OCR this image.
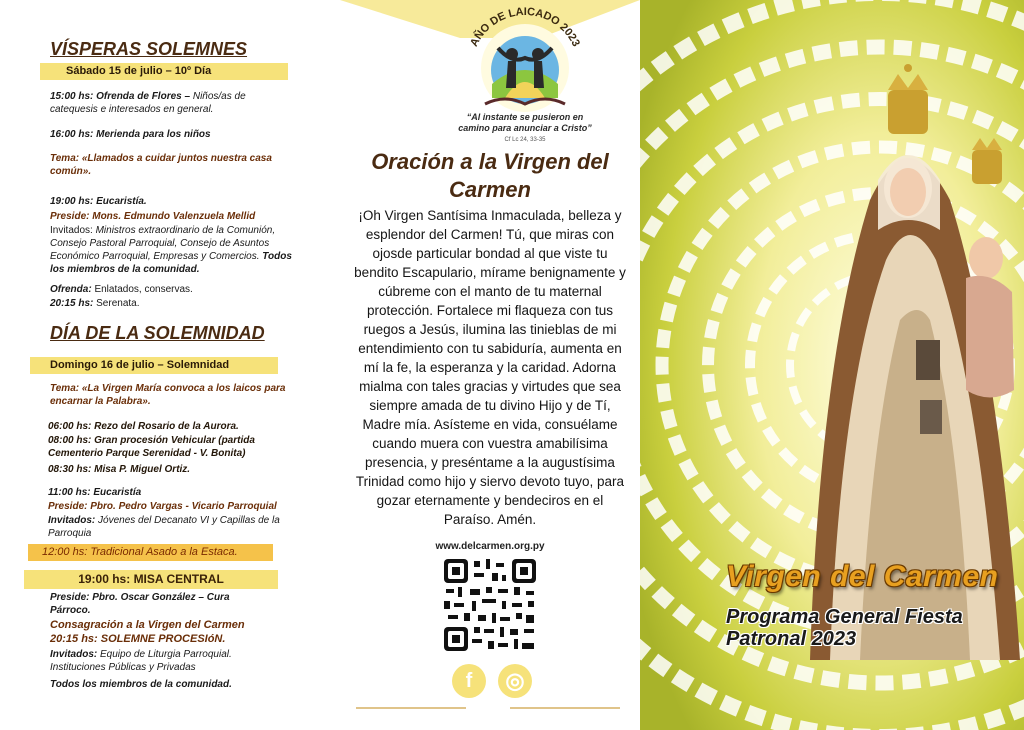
VÍSPERAS SOLEMNES
Sábado 15 de julio – 10º Día
15:00 hs: Ofrenda de Flores – Niños/as de catequesis e interesados en general.
16:00 hs: Merienda para los niños
Tema: «Llamados a cuidar juntos nuestra casa común».
19:00 hs: Eucaristía.
Preside: Mons. Edmundo Valenzuela Mellid
Invitados: Ministros extraordinario de la Comunión, Consejo Pastoral Parroquial, Consejo de Asuntos Económico Parroquial, Empresas y Comercios. Todos los miembros de la comunidad.
Ofrenda: Enlatados, conservas.
20:15 hs: Serenata.
DÍA DE LA SOLEMNIDAD
Domingo 16 de julio – Solemnidad
Tema: «La Virgen María convoca a los laicos para encarnar la Palabra».
06:00 hs: Rezo del Rosario de la Aurora.
08:00 hs: Gran procesión Vehicular (partida Cementerio Parque Serenidad - V. Bonita)
08:30 hs: Misa P. Miguel Ortiz.
11:00 hs: Eucaristía
Preside: Pbro. Pedro Vargas - Vicario Parroquial
Invitados: Jóvenes del Decanato VI y Capillas de la Parroquia
12:00 hs: Tradicional Asado a la Estaca.
19:00 hs: MISA CENTRAL
Preside: Pbro. Oscar González – Cura Párroco.
Consagración a la Virgen del Carmen
20:15 hs: SOLEMNE PROCESIóN.
Invitados: Equipo de Liturgia Parroquial. Instituciones Públicas y Privadas
Todos los miembros de la comunidad.
AÑO DE LAICADO 2023
“Al instante se pusieron en camino para anunciar a Cristo”
Cf Lc 24, 33-35
Oración a la Virgen del Carmen
¡Oh Virgen Santísima Inmaculada, belleza y esplendor del Carmen! Tú, que miras con ojosde particular bondad al que viste tu bendito Escapulario, mírame benignamente y cúbreme con el manto de tu maternal protección. Fortalece mi flaqueza con tus ruegos a Jesús, ilumina las tinieblas de mi entendimiento con tu sabiduría, aumenta en mí la fe, la esperanza y la caridad. Adorna mialma con tales gracias y virtudes que sea siempre amada de tu divino Hijo y de Tí, Madre mía. Asísteme en vida, consuélame cuando muera con vuestra amabilísima presencia, y preséntame a la augustísima Trinidad como hijo y siervo devoto tuyo, para gozar eternamente y bendeciros en el Paraíso. Amén.
www.delcarmen.org.py
f	◎
Virgen del Carmen
Programa General Fiesta Patronal 2023
